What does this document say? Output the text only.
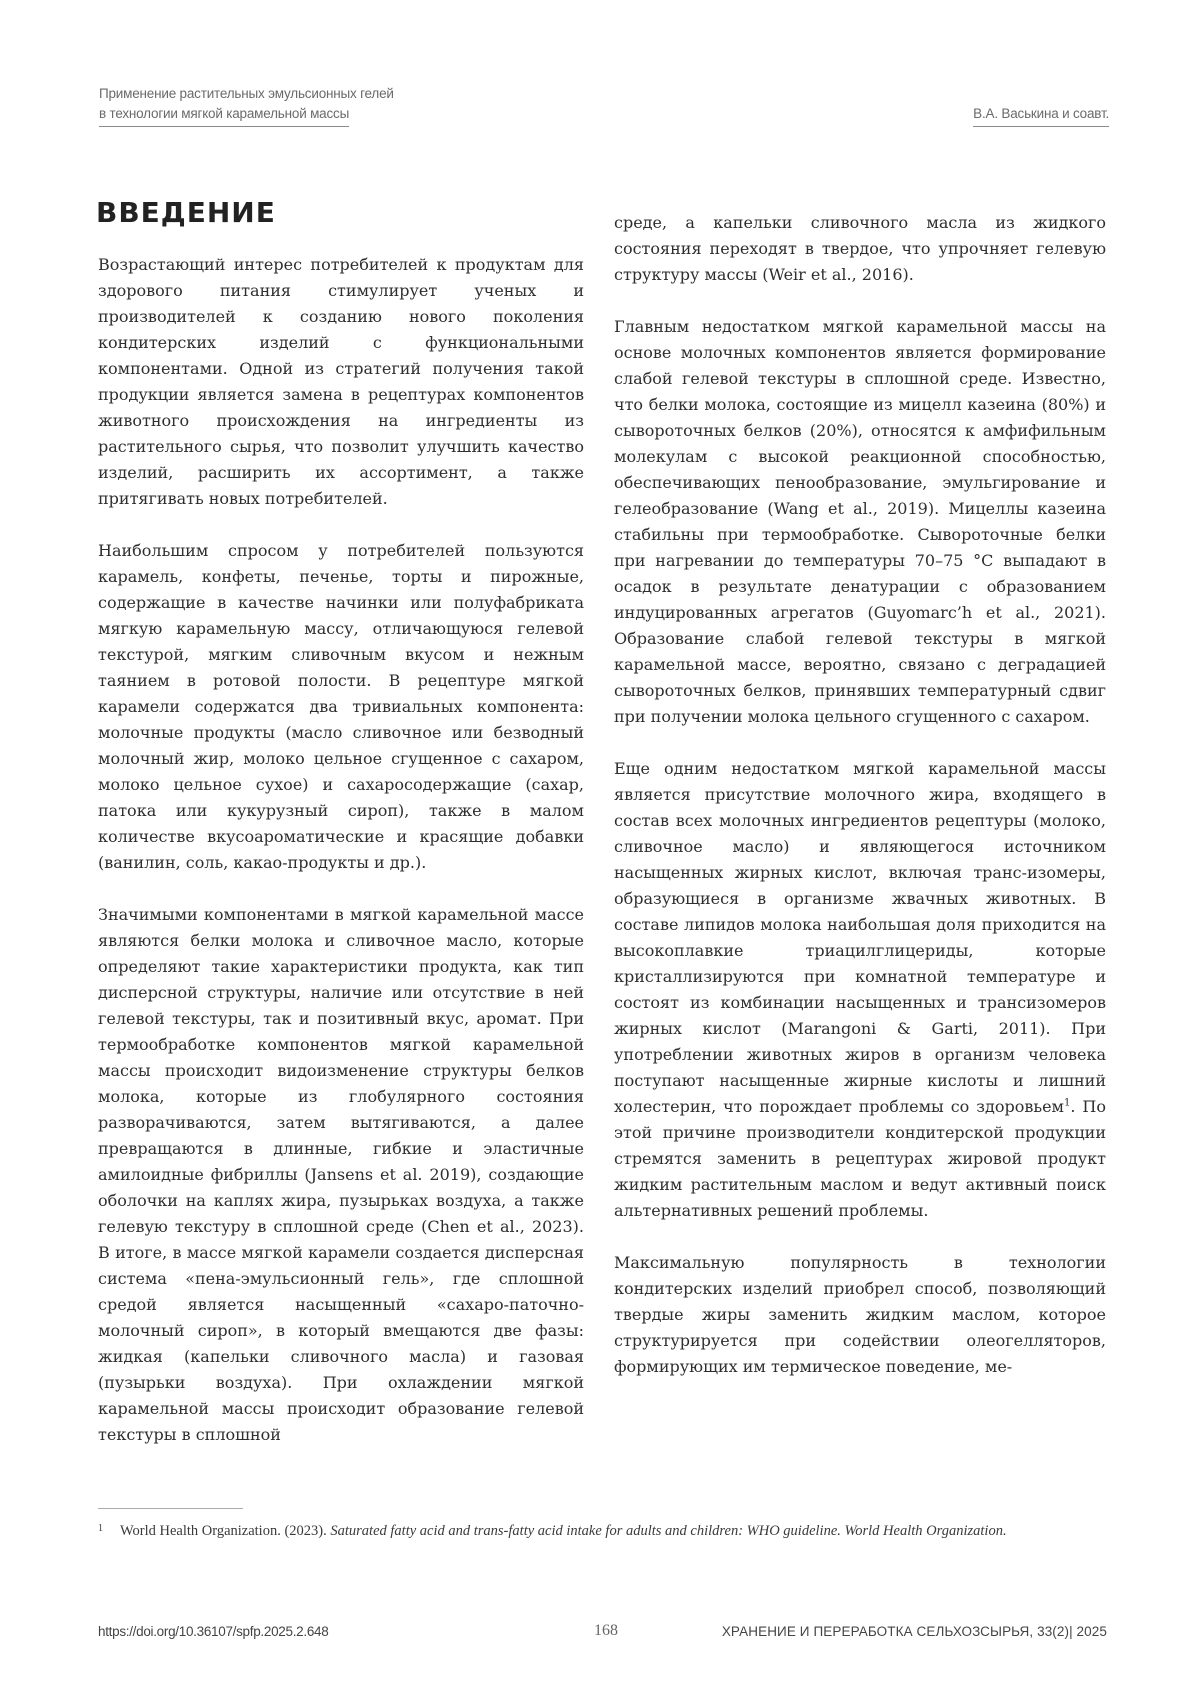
Применение растительных эмульсионных гелей
в технологии мягкой карамельной массы	В.А. Васькина и соавт.
ВВЕДЕНИЕ

Возрастающий интерес потребителей к продуктам для здорового питания стимулирует ученых и производителей к созданию нового поколения кондитерских изделий с функциональными компонентами. Одной из стратегий получения такой продукции является замена в рецептурах компонентов животного происхождения на ингредиенты из растительного сырья, что позволит улучшить качество изделий, расширить их ассортимент, а также притягивать новых потребителей.

Наибольшим спросом у потребителей пользуются карамель, конфеты, печенье, торты и пирожные, содержащие в качестве начинки или полуфабриката мягкую карамельную массу, отличающуюся гелевой текстурой, мягким сливочным вкусом и нежным таянием в ротовой полости. В рецептуре мягкой карамели содержатся два тривиальных компонента: молочные продукты (масло сливочное или безводный молочный жир, молоко цельное сгущенное с сахаром, молоко цельное сухое) и сахаросодержащие (сахар, патока или кукурузный сироп), также в малом количестве вкусоароматические и красящие добавки (ванилин, соль, какао-продукты и др.).

Значимыми компонентами в мягкой карамельной массе являются белки молока и сливочное масло, которые определяют такие характеристики продукта, как тип дисперсной структуры, наличие или отсутствие в ней гелевой текстуры, так и позитивный вкус, аромат. При термообработке компонентов мягкой карамельной массы происходит видоизменение структуры белков молока, которые из глобулярного состояния разворачиваются, затем вытягиваются, а далее превращаются в длинные, гибкие и эластичные амилоидные фибриллы (Jansens et al. 2019), создающие оболочки на каплях жира, пузырьках воздуха, а также гелевую текстуру в сплошной среде (Chen et al., 2023). В итоге, в массе мягкой карамели создается дисперсная система «пена-эмульсионный гель», где сплошной средой является насыщенный «сахаро-паточно-молочный сироп», в который вмещаются две фазы: жидкая (капельки сливочного масла) и газовая (пузырьки воздуха). При охлаждении мягкой карамельной массы происходит образование гелевой текстуры в сплошной

среде, а капельки сливочного масла из жидкого состояния переходят в твердое, что упрочняет гелевую структуру массы (Weir et al., 2016).

Главным недостатком мягкой карамельной массы на основе молочных компонентов является формирование слабой гелевой текстуры в сплошной среде. Известно, что белки молока, состоящие из мицелл казеина (80%) и сывороточных белков (20%), относятся к амфифильным молекулам с высокой реакционной способностью, обеспечивающих пенообразование, эмульгирование и гелеобразование (Wang et al., 2019). Мицеллы казеина стабильны при термообработке. Сывороточные белки при нагревании до температуры 70–75 °C выпадают в осадок в результате денатурации с образованием индуцированных агрегатов (Guyomarc’h et al., 2021). Образование слабой гелевой текстуры в мягкой карамельной массе, вероятно, связано с деградацией сывороточных белков, принявших температурный сдвиг при получении молока цельного сгущенного с сахаром.

Еще одним недостатком мягкой карамельной массы является присутствие молочного жира, входящего в состав всех молочных ингредиентов рецептуры (молоко, сливочное масло) и являющегося источником насыщенных жирных кислот, включая транс-изомеры, образующиеся в организме жвачных животных. В составе липидов молока наибольшая доля приходится на высокоплавкие триацилглицериды, которые кристаллизируются при комнатной температуре и состоят из комбинации насыщенных и трансизомеров жирных кислот (Marangoni & Garti, 2011). При употреблении животных жиров в организм человека поступают насыщенные жирные кислоты и лишний холестерин, что порождает проблемы со здоровьем$^1$. По этой причине производители кондитерской продукции стремятся заменить в рецептурах жировой продукт жидким растительным маслом и ведут активный поиск альтернативных решений проблемы.

Максимальную популярность в технологии кондитерских изделий приобрел способ, позволяющий твердые жиры заменить жидким маслом, которое структурируется при содействии олеогелляторов, формирующих им термическое поведение, ме-

1	World Health Organization. (2023). Saturated fatty acid and trans-fatty acid intake for adults and children: WHO guideline. World Health Organization.
https://doi.org/10.36107/spfp.2025.2.648	168	ХРАНЕНИЕ И ПЕРЕРАБОТКА СЕЛЬХОЗСЫРЬЯ, 33(2)| 2025
